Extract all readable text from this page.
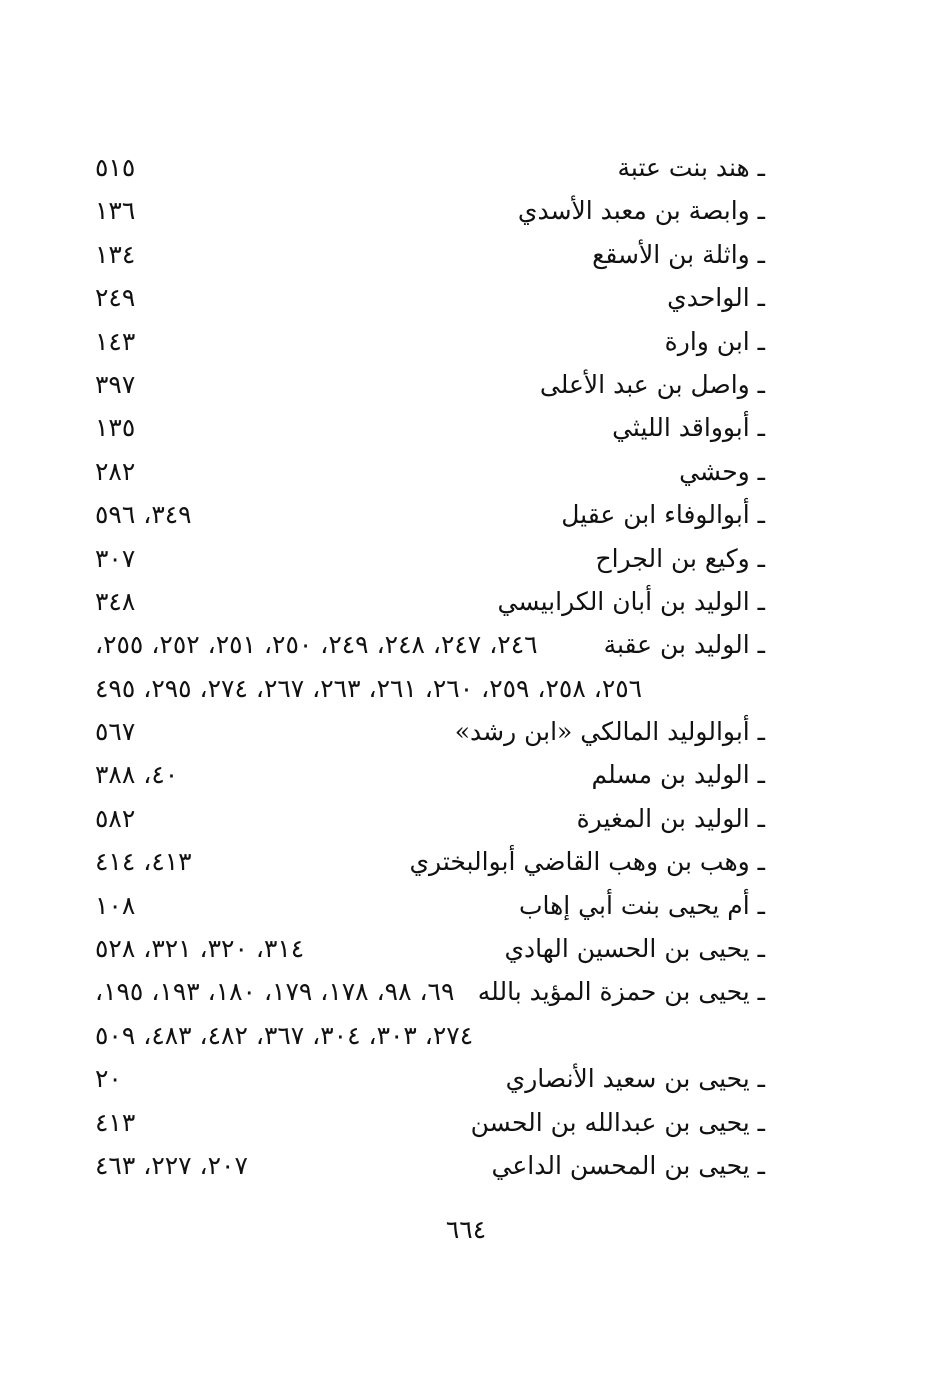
ـ هند بنت عتبة
٥١٥
ـ وابصة بن معبد الأسدي
١٣٦
ـ واثلة بن الأسقع
١٣٤
ـ الواحدي
٢٤٩
ـ ابن وارة
١٤٣
ـ واصل بن عبد الأعلى
٣٩٧
ـ أبوواقد الليثي
١٣٥
ـ وحشي
٢٨٢
ـ أبوالوفاء ابن عقيل
٣٤٩، ٥٩٦
ـ وكيع بن الجراح
٣٠٧
ـ الوليد بن أبان الكرابيسي
٣٤٨
ـ الوليد بن عقبة
٢٤٦، ٢٤٧، ٢٤٨، ٢٤٩، ٢٥٠، ٢٥١، ٢٥٢، ٢٥٥،
٢٥٦، ٢٥٨، ٢٥٩، ٢٦٠، ٢٦١، ٢٦٣، ٢٦٧، ٢٧٤، ٢٩٥، ٤٩٥
ـ أبوالوليد المالكي «ابن رشد»
٥٦٧
ـ الوليد بن مسلم
٤٠، ٣٨٨
ـ الوليد بن المغيرة
٥٨٢
ـ وهب بن وهب القاضي أبوالبختري
٤١٣، ٤١٤
ـ أم يحيى بنت أبي إهاب
١٠٨
ـ يحيى بن الحسين الهادي
٣١٤، ٣٢٠، ٣٢١، ٥٢٨
ـ يحيى بن حمزة المؤيد بالله
٦٩، ٩٨، ١٧٨، ١٧٩، ١٨٠، ١٩٣، ١٩٥،
٢٧٤، ٣٠٣، ٣٠٤، ٣٦٧، ٤٨٢، ٤٨٣، ٥٠٩
ـ يحيى بن سعيد الأنصاري
٢٠
ـ يحيى بن عبدالله بن الحسن
٤١٣
ـ يحيى بن المحسن الداعي
٢٠٧، ٢٢٧، ٤٦٣
٦٦٤
